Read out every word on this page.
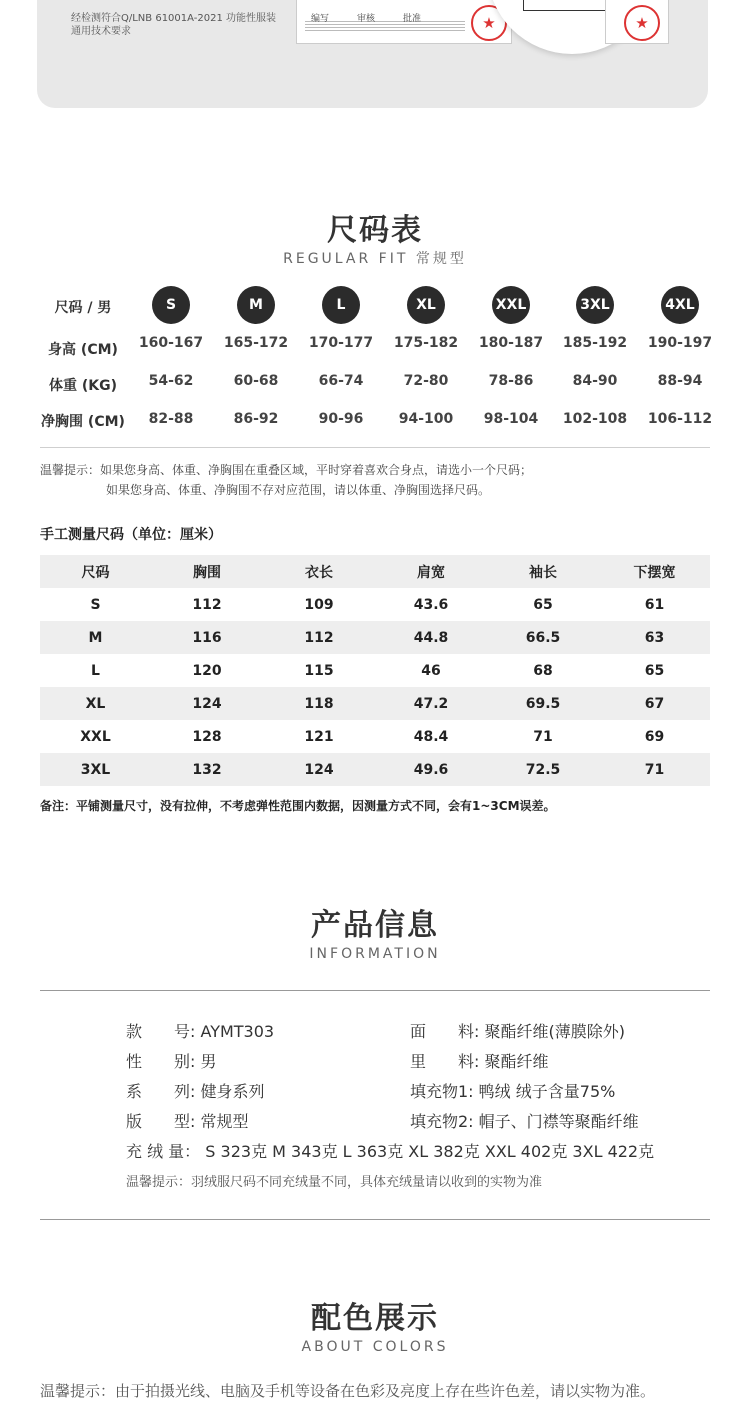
经检测符合Q/LNB 61001A-2021 功能性服装
通用技术要求
编写	审核	批准	★	★
尺码表
REGULAR FIT 常规型
尺码 / 男	S	M	L	XL	XXL	3XL	4XL
身高 (CM)	160-167	165-172	170-177	175-182	180-187	185-192	190-197
体重 (KG)	54-62	60-68	66-74	72-80	78-86	84-90	88-94
净胸围 (CM)	82-88	86-92	90-96	94-100	98-104	102-108	106-112
温馨提示：如果您身高、体重、净胸围在重叠区域，平时穿着喜欢合身点，请选小一个尺码；
如果您身高、体重、净胸围不存对应范围，请以体重、净胸围选择尺码。
手工测量尺码（单位：厘米）
尺码	胸围	衣长	肩宽	袖长	下摆宽
S	112	109	43.6	65	61
M	116	112	44.8	66.5	63
L	120	115	46	68	65
XL	124	118	47.2	69.5	67
XXL	128	121	48.4	71	69
3XL	132	124	49.6	72.5	71
备注：平铺测量尺寸，没有拉伸，不考虑弹性范围内数据，因测量方式不同，会有1~3CM误差。
产品信息
INFORMATION
款　　号: AYMT303
性　　别: 男
系　　列: 健身系列
版　　型: 常规型
面　　料: 聚酯纤维(薄膜除外)
里　　料: 聚酯纤维
填充物1: 鸭绒 绒子含量75%
填充物2: 帽子、门襟等聚酯纤维
充 绒 量： S 323克 M 343克 L 363克 XL 382克 XXL 402克 3XL 422克
温馨提示：羽绒服尺码不同充绒量不同，具体充绒量请以收到的实物为准
配色展示
ABOUT COLORS
温馨提示：由于拍摄光线、电脑及手机等设备在色彩及亮度上存在些许色差，请以实物为准。
